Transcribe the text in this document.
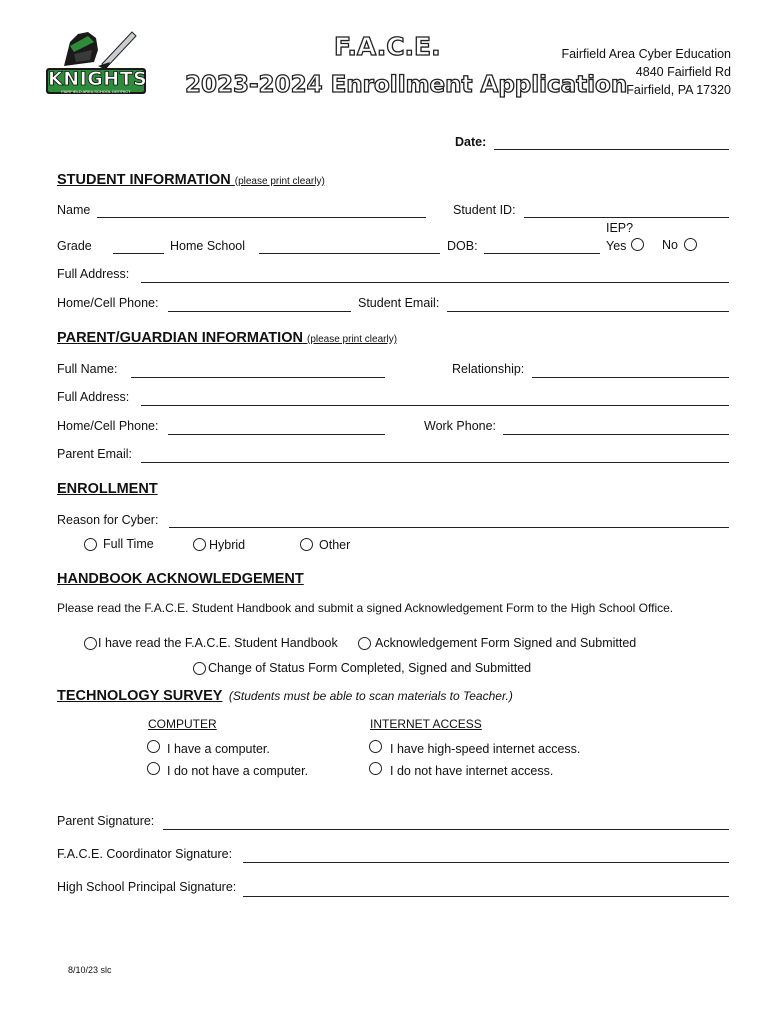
KNIGHTS
FAIRFIELD AREA SCHOOL DISTRICT
F.A.C.E.
2023-2024 Enrollment Application
Fairfield Area Cyber Education
4840 Fairfield Rd
Fairfield, PA 17320
Date:
STUDENT INFORMATION (please print clearly)
Name	Student ID:
IEP?
Grade	Home School	DOB:	Yes	No
Full Address:
Home/Cell Phone:	Student Email:
PARENT/GUARDIAN INFORMATION (please print clearly)
Full Name:	Relationship:
Full Address:
Home/Cell Phone:	Work Phone:
Parent Email:
ENROLLMENT
Reason for Cyber:
Full Time	Hybrid	Other
HANDBOOK ACKNOWLEDGEMENT
Please read the F.A.C.E. Student Handbook and submit a signed Acknowledgement Form to the High School Office.
I have read the F.A.C.E. Student Handbook	Acknowledgement Form Signed and Submitted
Change of Status Form Completed, Signed and Submitted
TECHNOLOGY SURVEY (Students must be able to scan materials to Teacher.)
COMPUTER	INTERNET ACCESS
I have a computer.
I do not have a computer.
I have high-speed internet access.
I do not have internet access.
Parent Signature:
F.A.C.E. Coordinator Signature:
High School Principal Signature:
8/10/23 slc
